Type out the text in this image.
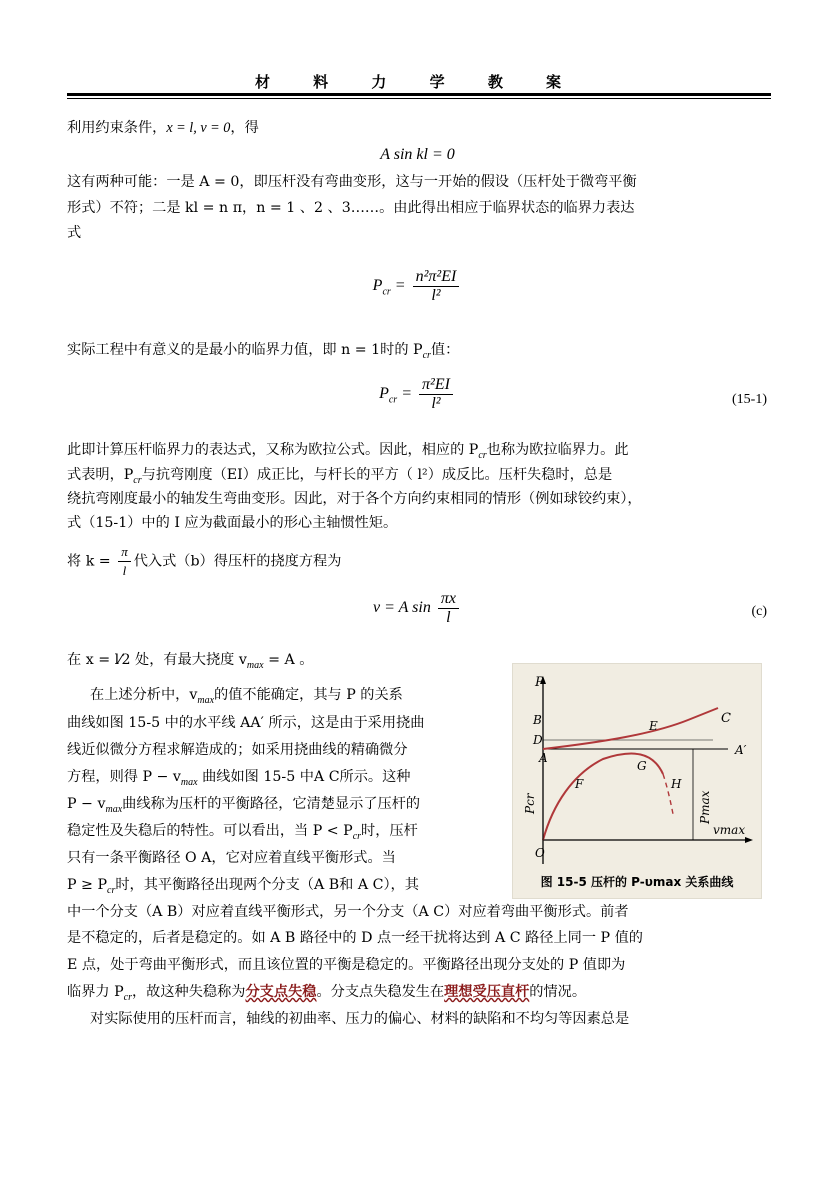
材 料 力 学 教 案
利用约束条件，x = l, v = 0，得
A sin kl = 0
这有两种可能：一是 A = 0，即压杆没有弯曲变形，这与一开始的假设（压杆处于微弯平衡
形式）不符；二是 kl = n π，n = 1 、2 、3……。由此得出相应于临界状态的临界力表达
式
$P_{cr} = \frac{\text{n²π²EI}}{\text{l²}}$
实际工程中有意义的是最小的临界力值，即 n = 1时的 $P_{cr}$值：
$P_{cr} = \frac{\text{π²EI}}{\text{l²}}$	(15-1)
此即计算压杆临界力的表达式，又称为欧拉公式。因此，相应的 $P_{cr}$也称为欧拉临界力。此
式表明，$P_{cr}$与抗弯刚度（EI）成正比，与杆长的平方（ l²）成反比。压杆失稳时，总是
绕抗弯刚度最小的轴发生弯曲变形。因此，对于各个方向约束相同的情形（例如球铰约束），
式（15-1）中的 I 应为截面最小的形心主轴惯性矩。
将 $k = \frac{\pi}{l}$ 代入式（b）得压杆的挠度方程为
v = A $\sin \frac{\pi x}{l}$	(c)
在 x = l⁄2 处，有最大挠度 $v_{max} = A$ 。
在上述分析中，$v_{max}$的值不能确定，其与 P 的关系
曲线如图 15-5 中的水平线 AA′ 所示，这是由于采用挠曲
线近似微分方程求解造成的；如采用挠曲线的精确微分
方程，则得 $P - v_{max}$ 曲线如图 15-5 中A C所示。这种
$P - v_{max}$曲线称为压杆的平衡路径，它清楚显示了压杆的
稳定性及失稳后的特性。可以看出，当 $P < P_{cr}$时，压杆
只有一条平衡路径 O A，它对应着直线平衡形式。当
$P \ge P_{cr}$时，其平衡路径出现两个分支（A B和 A C），其
中一个分支（A B）对应着直线平衡形式，另一个分支（A C）对应着弯曲平衡形式。前者
是不稳定的，后者是稳定的。如 A B 路径中的 D 点一经干扰将达到 A C 路径上同一 P 值的
E 点，处于弯曲平衡形式，而且该位置的平衡是稳定的。平衡路径出现分支处的 P 值即为
临界力 $P_{cr}$，故这种失稳称为分支点失稳。分支点失稳发生在理想受压直杆的情况。
对实际使用的压杆而言，轴线的初曲率、压力的偏心、材料的缺陷和不均匀等因素总是
P
B
D
A
C
E
A′
F
G
H
O
vmax
Pcr	Pmax
图 15-5 压杆的 P-υmax 关系曲线
